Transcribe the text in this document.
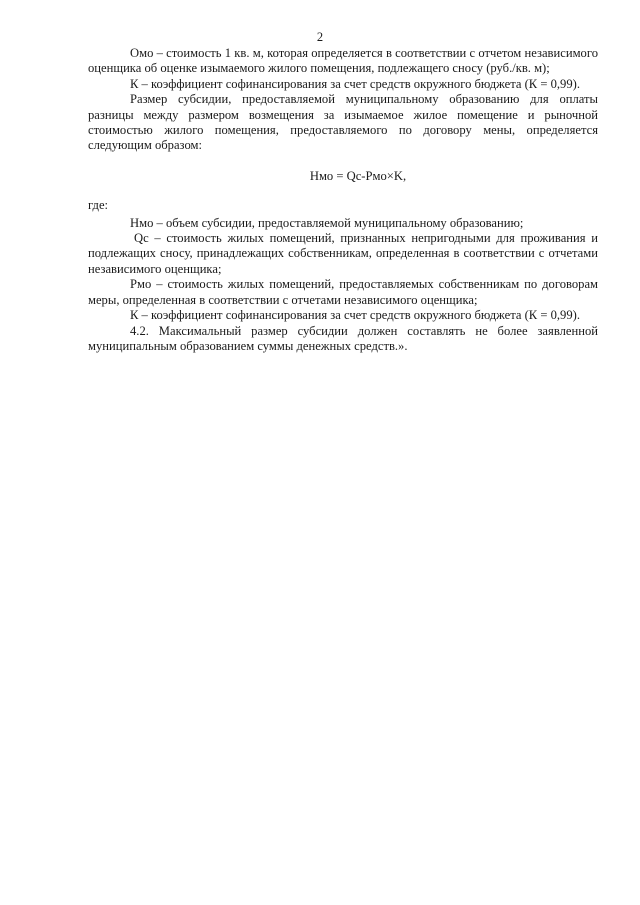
2

Омо – стоимость 1 кв. м, которая определяется в соответствии с отчетом независимого оценщика об оценке изымаемого жилого помещения, подлежащего сносу (руб./кв. м);

К – коэффициент софинансирования за счет средств окружного бюджета (К = 0,99).

Размер субсидии, предоставляемой муниципальному образованию для оплаты разницы между размером возмещения за изымаемое жилое помещение и рыночной стоимостью жилого помещения, предоставляемого по договору мены, определяется следующим образом:

Нмо = Qс-Рмо×K,

где:

Нмо – объем субсидии, предоставляемой муниципальному образованию;

Qс – стоимость жилых помещений, признанных непригодными для проживания и подлежащих сносу, принадлежащих собственникам, определенная в соответствии с отчетами независимого оценщика;

Рмо – стоимость жилых помещений, предоставляемых собственникам по договорам меры, определенная в соответствии с отчетами независимого оценщика;

К – коэффициент софинансирования за счет средств окружного бюджета (К = 0,99).

4.2. Максимальный размер субсидии должен составлять не более заявленной муниципальным образованием суммы денежных средств.».
